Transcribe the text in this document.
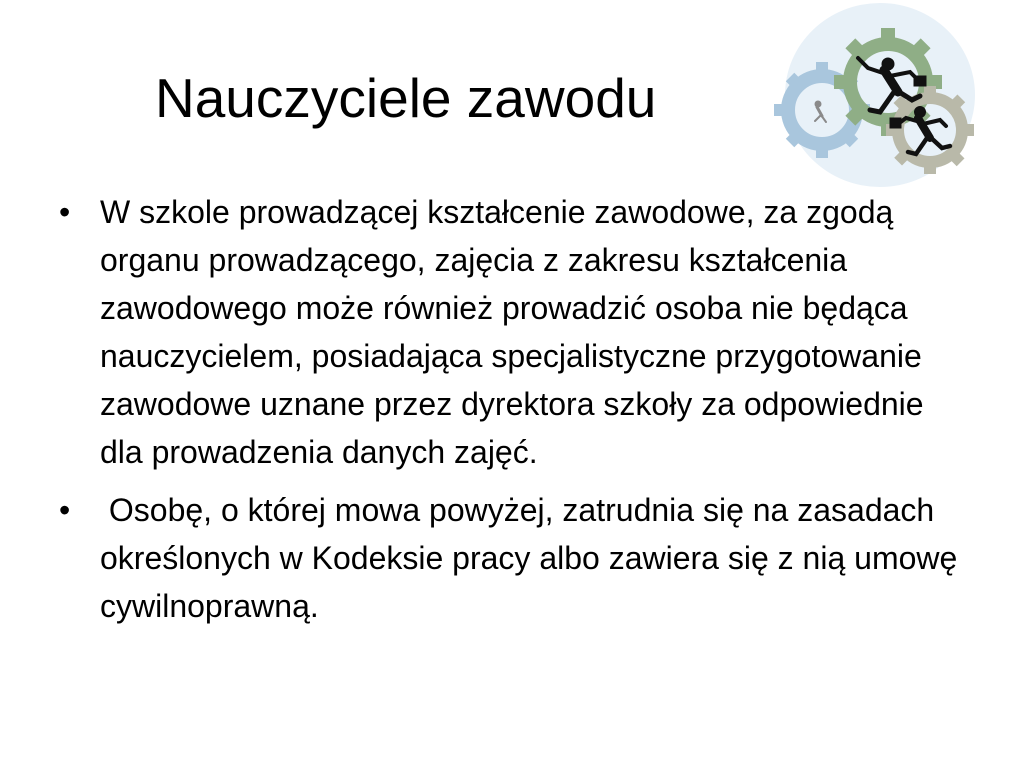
Nauczyciele zawodu
• W szkole prowadzącej kształcenie zawodowe, za zgodą organu prowadzącego, zajęcia z zakresu kształcenia zawodowego może również prowadzić osoba nie będąca nauczycielem, posiadająca specjalistyczne przygotowanie zawodowe uznane przez dyrektora szkoły za odpowiednie dla prowadzenia danych zajęć.
• Osobę, o której mowa powyżej, zatrudnia się na zasadach określonych w Kodeksie pracy albo zawiera się z nią umowę cywilnoprawną.
